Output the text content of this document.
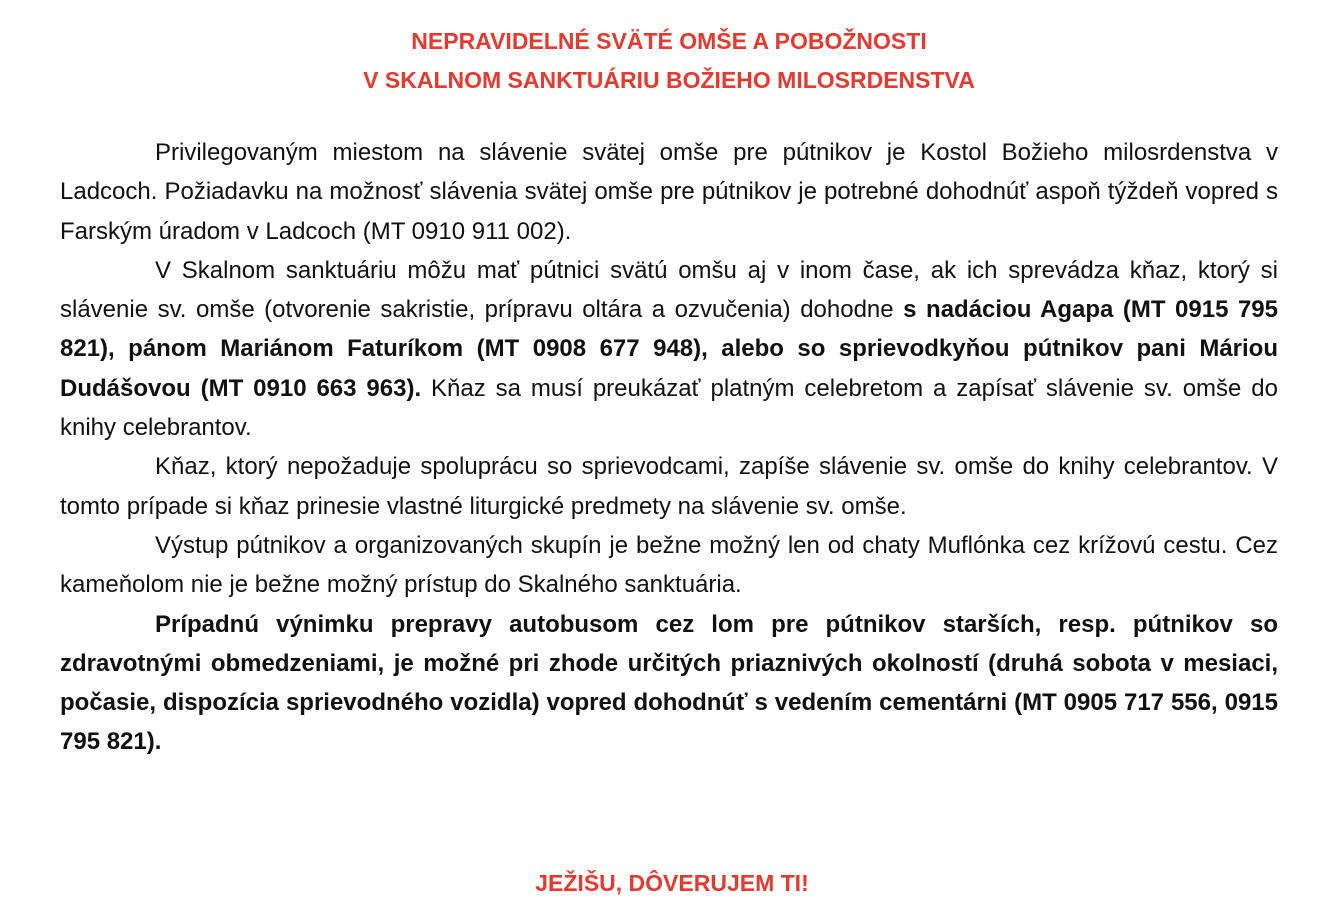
NEPRAVIDELNÉ SVÄTÉ OMŠE A POBOŽNOSTI

V SKALNOM SANKTUÁRIU BOŽIEHO MILOSRDENSTVA

Privilegovaným miestom na slávenie svätej omše pre pútnikov je Kostol Božieho milosrdenstva v Ladcoch. Požiadavku na možnosť slávenia svätej omše pre pútnikov je potrebné dohodnúť aspoň týždeň vopred s Farským úradom v Ladcoch (MT 0910 911 002).

V Skalnom sanktuáriu môžu mať pútnici svätú omšu aj v inom čase, ak ich sprevádza kňaz, ktorý si slávenie sv. omše (otvorenie sakristie, prípravu oltára a ozvučenia) dohodne s nadáciou Agapa (MT 0915 795 821), pánom Mariánom Faturíkom (MT 0908 677 948), alebo so sprievodkyňou pútnikov pani Máriou Dudášovou (MT 0910 663 963). Kňaz sa musí preukázať platným celebretom a zapísať slávenie sv. omše do knihy celebrantov.

Kňaz, ktorý nepožaduje spoluprácu so sprievodcami, zapíše slávenie sv. omše do knihy celebrantov. V tomto prípade si kňaz prinesie vlastné liturgické predmety na slávenie sv. omše.

Výstup pútnikov a organizovaných skupín je bežne možný len od chaty Muflónka cez krížovú cestu. Cez kameňolom nie je bežne možný prístup do Skalného sanktuária.

Prípadnú výnimku prepravy autobusom cez lom pre pútnikov starších, resp. pútnikov so zdravotnými obmedzeniami, je možné pri zhode určitých priaznivých okolností (druhá sobota v mesiaci, počasie, dispozícia sprievodného vozidla) vopred dohodnúť s vedením cementárni (MT 0905 717 556, 0915 795 821).

JEŽIŠU, DÔVERUJEM TI!
